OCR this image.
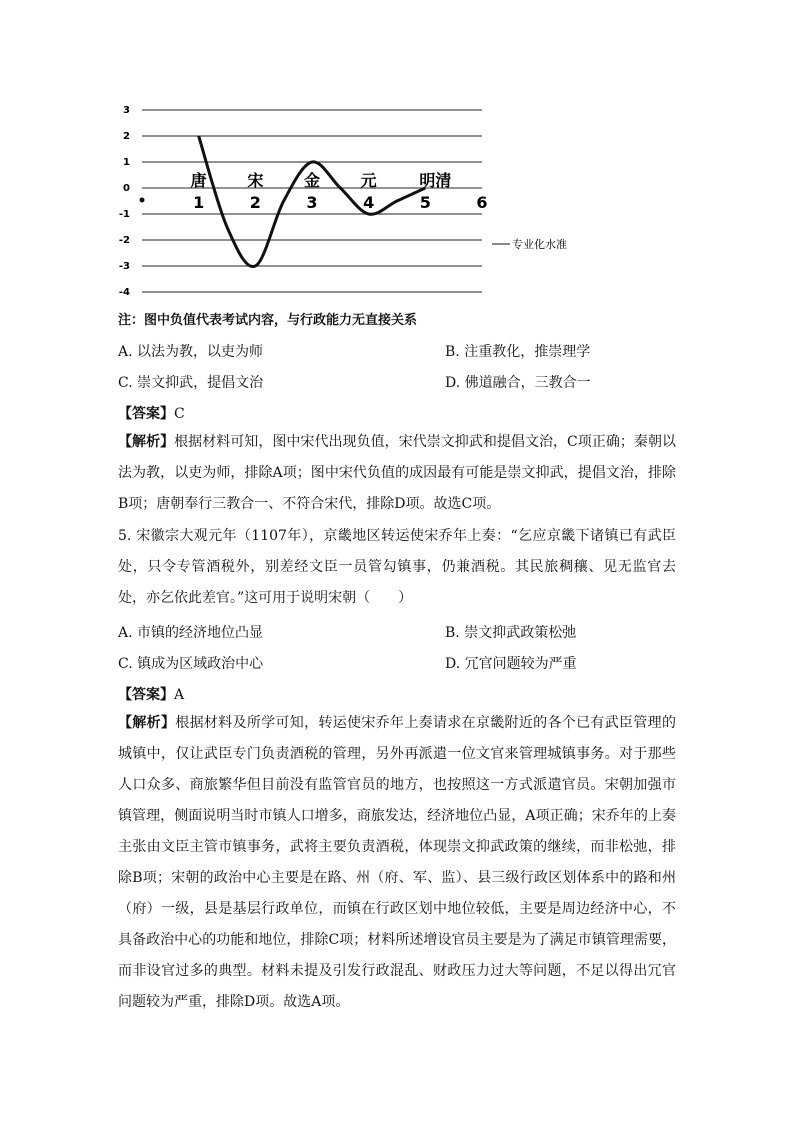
3
2
1
0
-1
-2
-3
-4
1	2	3	4	5	6
唐	宋	金	元	明清
专业化水准
注：图中负值代表考试内容，与行政能力无直接关系
A. 以法为教，以吏为师	B. 注重教化，推崇理学
C. 崇文抑武，提倡文治	D. 佛道融合，三教合一
【答案】C
【解析】根据材料可知，图中宋代出现负值，宋代崇文抑武和提倡文治，C项正确；秦朝以法为教，以吏为师，排除A项；图中宋代负值的成因最有可能是崇文抑武，提倡文治，排除B项；唐朝奉行三教合一、不符合宋代，排除D项。故选C项。
5. 宋徽宗大观元年（1107年），京畿地区转运使宋乔年上奏：“乞应京畿下诸镇已有武臣处，只令专管酒税外，别差经文臣一员管勾镇事，仍兼酒税。其民旅稠穰、见无监官去处，亦乞依此差官。”这可用于说明宋朝（　　）
A. 市镇的经济地位凸显	B. 崇文抑武政策松弛
C. 镇成为区域政治中心	D. 冗官问题较为严重
【答案】A
【解析】根据材料及所学可知，转运使宋乔年上奏请求在京畿附近的各个已有武臣管理的城镇中，仅让武臣专门负责酒税的管理，另外再派遣一位文官来管理城镇事务。对于那些人口众多、商旅繁华但目前没有监管官员的地方，也按照这一方式派遣官员。宋朝加强市镇管理，侧面说明当时市镇人口增多，商旅发达，经济地位凸显，A项正确；宋乔年的上奏主张由文臣主管市镇事务，武将主要负责酒税，体现崇文抑武政策的继续，而非松弛，排除B项；宋朝的政治中心主要是在路、州（府、军、监）、县三级行政区划体系中的路和州（府）一级，县是基层行政单位，而镇在行政区划中地位较低，主要是周边经济中心，不具备政治中心的功能和地位，排除C项；材料所述增设官员主要是为了满足市镇管理需要，而非设官过多的典型。材料未提及引发行政混乱、财政压力过大等问题，不足以得出冗官问题较为严重，排除D项。故选A项。
